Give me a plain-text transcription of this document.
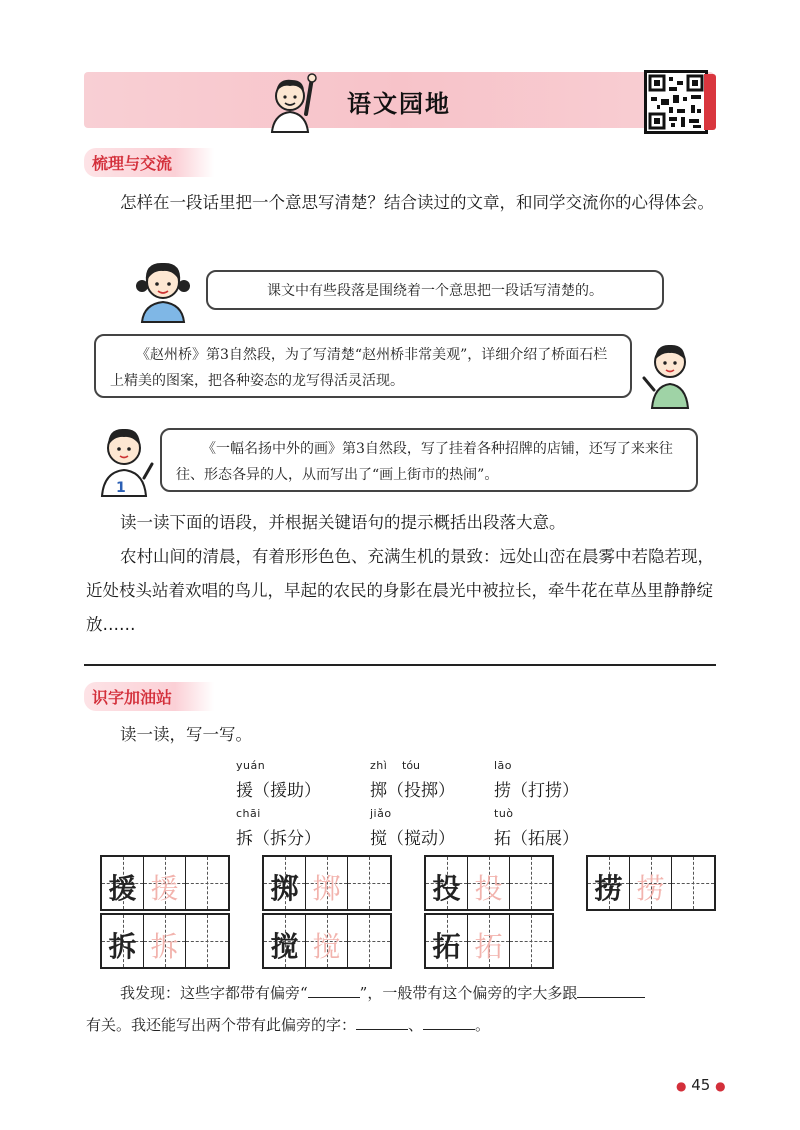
语文园地
梳理与交流
怎样在一段话里把一个意思写清楚？结合读过的文章，和同学交流你的心得体会。
课文中有些段落是围绕着一个意思把一段话写清楚的。
《赵州桥》第3自然段，为了写清楚“赵州桥非常美观”，详细介绍了桥面石栏上精美的图案，把各种姿态的龙写得活灵活现。
1
《一幅名扬中外的画》第3自然段，写了挂着各种招牌的店铺，还写了来来往往、形态各异的人，从而写出了“画上街市的热闹”。
读一读下面的语段，并根据关键语句的提示概括出段落大意。
农村山间的清晨，有着形形色色、充满生机的景致：远处山峦在晨雾中若隐若现，近处枝头站着欢唱的鸟儿，早起的农民的身影在晨光中被拉长，牵牛花在草丛里静静绽放……
识字加油站
读一读，写一写。
yuán
援（援助）
zhì tóu
掷（投掷）
lāo
捞（打捞）
chāi
拆（拆分）
jiǎo
搅（搅动）
tuò
拓（拓展）
援 援	掷 掷	投 投	捞 捞
拆 拆	搅 搅	拓 拓
我发现：这些字都带有偏旁“	”，一般带有这个偏旁的字大多跟
有关。我还能写出两个带有此偏旁的字：	、	。
● 45 ●
